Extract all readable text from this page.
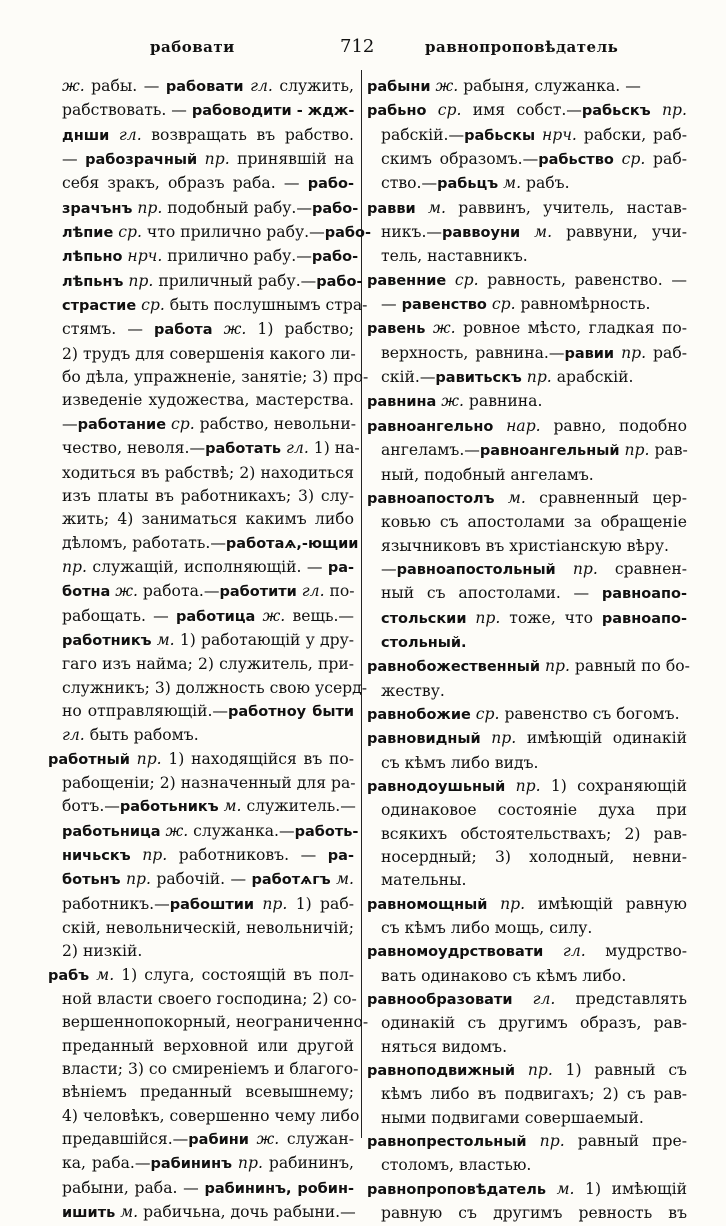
рабовати	712	равнопроповѣдатель
ж. рабы. — рабовати гл. служить,
рабствовать. — рабоводити - ждж-
днши гл. возвращать въ рабство.
— рабозрачный пр. принявшій на
себя зракъ, образъ раба. — рабо-
зрачънъ пр. подобный рабу.—рабо-
лѣпие ср. что прилично рабу.—рабо-
лѣпьно нрч. прилично рабу.—рабо-
лѣпьнъ пр. приличный рабу.—рабо-
страстие ср. быть послушнымъ стра-
стямъ. — работа ж. 1) рабство;
2) трудъ для совершенія какого ли-
бо дѣла, упражненіе, занятіе; 3) про-
изведеніе художества, мастерства.
—работание ср. рабство, невольни-
чество, неволя.—работать гл. 1) на-
ходиться въ рабствѣ; 2) находиться
изъ платы въ работникахъ; 3) слу-
жить; 4) заниматься какимъ либо
дѣломъ, работать.—работаѧ,-ющии
пр. служащій, исполняющій. — ра-
ботна ж. работа.—работити гл. по-
рабощать. — работица ж. вещь.—
работникъ м. 1) работающій у дру-
гаго изъ найма; 2) служитель, при-
служникъ; 3) должность свою усерд-
но отправляющій.—работноу быти
гл. быть рабомъ.
работный пр. 1) находящійся въ по-
рабощеніи; 2) назначенный для ра-
ботъ.—работьникъ м. служитель.—
работьница ж. служанка.—работь-
ничьскъ пр. работниковъ. — ра-
ботьнъ пр. рабочій. — работѧгъ м.
работникъ.—рабоштии пр. 1) раб-
скій, невольническій, невольничій;
2) низкій.
рабъ м. 1) слуга, состоящій въ пол-
ной власти своего господина; 2) со-
вершеннопокорный, неограниченно-
преданный верховной или другой
власти; 3) со смиреніемъ и благого-
вѣніемъ преданный всевышнему;
4) человѣкъ, совершенно чему либо
предавшійся.—рабини ж. служан-
ка, раба.—рабининъ пр. рабининъ,
рабыни, раба. — рабининъ, робин-
ишить м. рабичьна, дочь рабыни.—
рабыни ж. рабыня, служанка. —
рабьно ср. имя собст.—рабьскъ пр.
рабскій.—рабьскы нрч. рабски, раб-
скимъ образомъ.—рабьство ср. раб-
ство.—рабьцъ м. рабъ.
равви м. раввинъ, учитель, настав-
никъ.—раввоуни м. раввуни, учи-
тель, наставникъ.
равенние ср. равность, равенство. —
— равенство ср. равномѣрность.
равень ж. ровное мѣсто, гладкая по-
верхность, равнина.—равии пр. раб-
скій.—равитьскъ пр. арабскій.
равнина ж. равнина.
равноангельно нар. равно, подобно
ангеламъ.—равноангельный пр. рав-
ный, подобный ангеламъ.
равноапостолъ м. сравненный цер-
ковью съ апостолами за обращеніе
язычниковъ въ христіанскую вѣру.
—равноапостольный пр. сравнен-
ный съ апостолами. — равноапо-
стольскии пр. тоже, что равноапо-
стольный.
равнобожественный пр. равный по бо-
жеству.
равнобожие ср. равенство съ богомъ.
равновидный пр. имѣющій одинакій
съ кѣмъ либо видъ.
равнодоушьный пр. 1) сохраняющій
одинаковое состояніе духа при
всякихъ обстоятельствахъ; 2) рав-
носердный; 3) холодный, невни-
мательны.
равномощный пр. имѣющій равную
съ кѣмъ либо мощь, силу.
равномоудрствовати гл. мудрство-
вать одинаково съ кѣмъ либо.
равнообразовати гл. представлять
одинакій съ другимъ образъ, рав-
няться видомъ.
равноподвижный пр. 1) равный съ
кѣмъ либо въ подвигахъ; 2) съ рав-
ными подвигами совершаемый.
равнопрестольный пр. равный пре-
столомъ, властью.
равнопроповѣдатель м. 1) имѣющій
равную съ другимъ ревность въ
